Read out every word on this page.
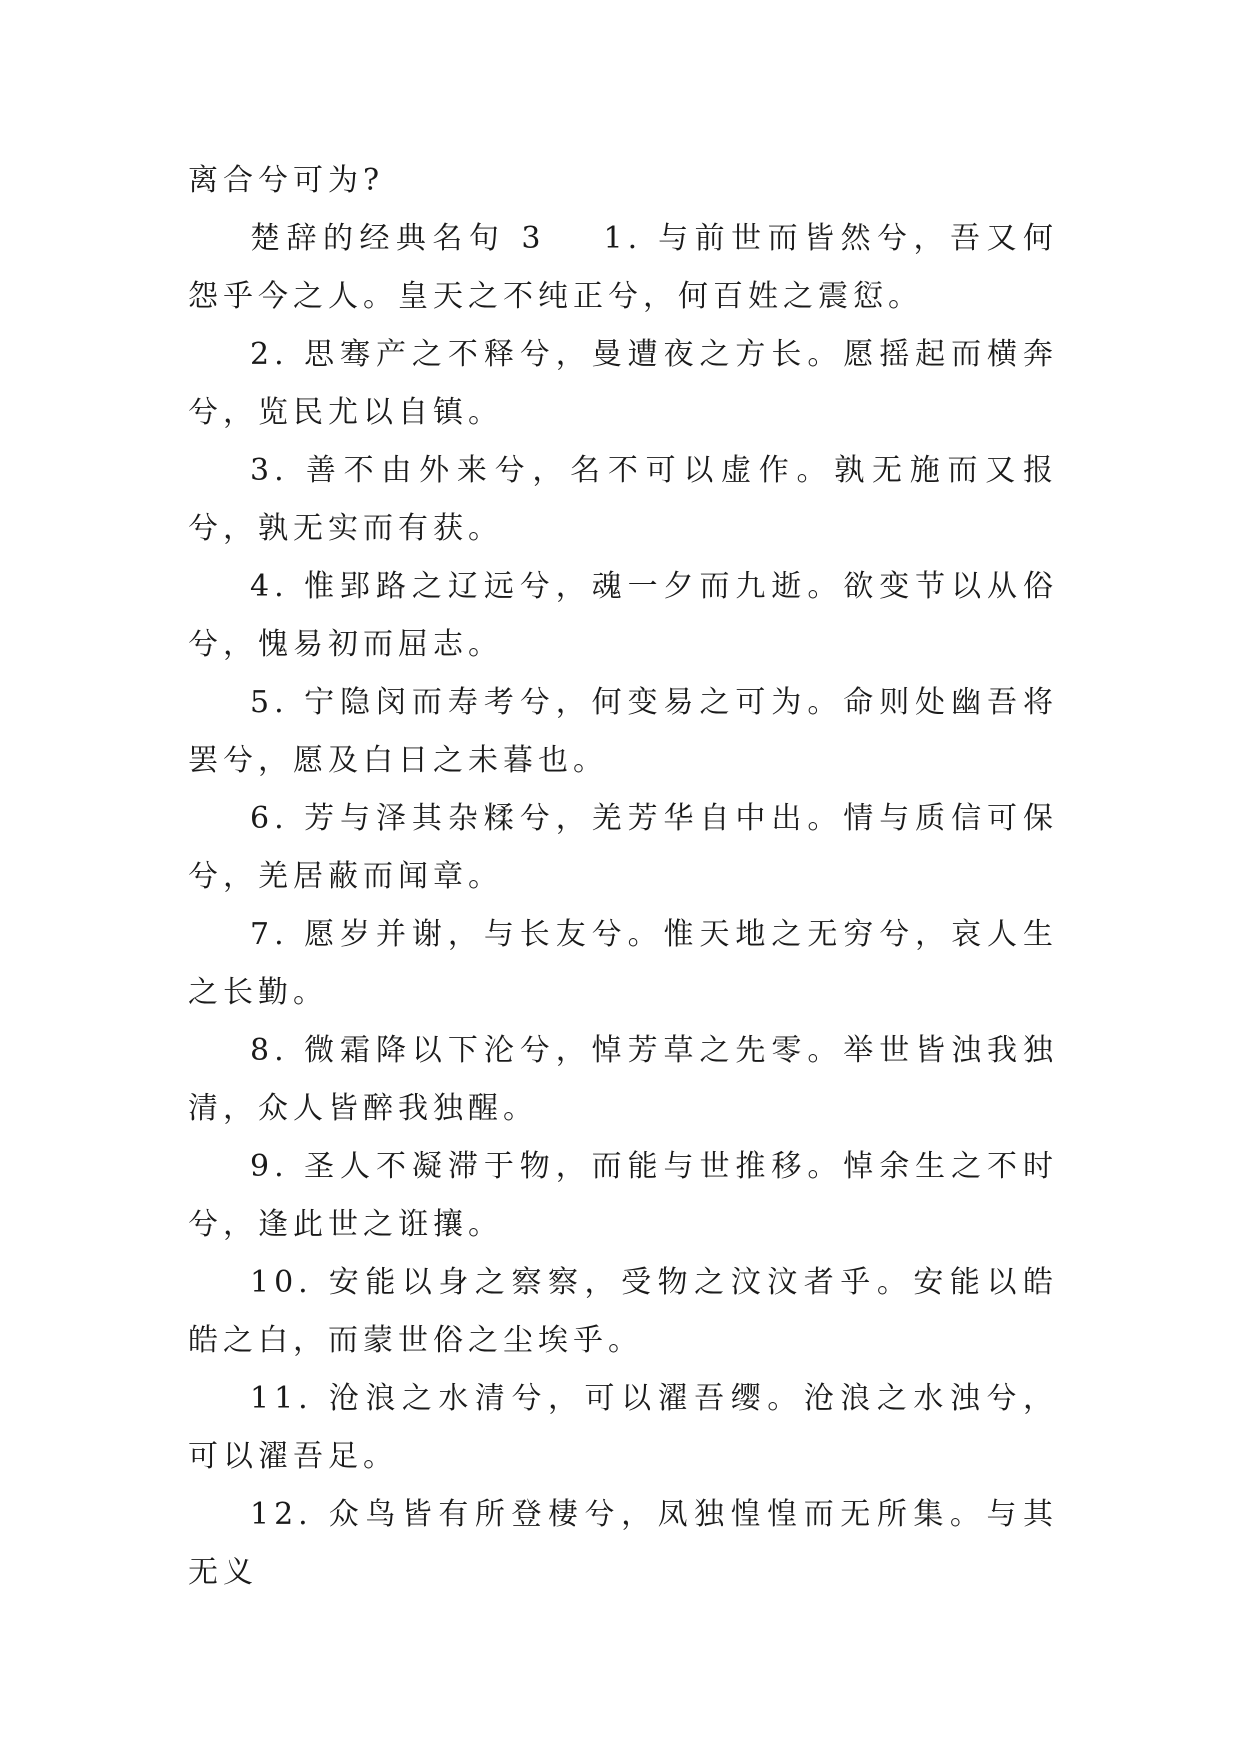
离合兮可为?

楚辞的经典名句 3 1. 与前世而皆然兮，吾又何怨乎今之人。皇天之不纯正兮，何百姓之震愆。

2. 思骞产之不释兮，曼遭夜之方长。愿摇起而横奔兮，览民尤以自镇。

3. 善不由外来兮，名不可以虚作。孰无施而又报兮，孰无实而有获。

4. 惟郢路之辽远兮，魂一夕而九逝。欲变节以从俗兮，愧易初而屈志。

5. 宁隐闵而寿考兮，何变易之可为。命则处幽吾将罢兮，愿及白日之未暮也。

6. 芳与泽其杂糅兮，羌芳华自中出。情与质信可保兮，羌居蔽而闻章。

7. 愿岁并谢，与长友兮。惟天地之无穷兮，哀人生之长勤。

8. 微霜降以下沦兮，悼芳草之先零。举世皆浊我独清，众人皆醉我独醒。

9. 圣人不凝滞于物，而能与世推移。悼余生之不时兮，逢此世之诳攘。

10. 安能以身之察察，受物之汶汶者乎。安能以皓皓之白，而蒙世俗之尘埃乎。

11. 沧浪之水清兮，可以濯吾缨。沧浪之水浊兮，可以濯吾足。

12. 众鸟皆有所登棲兮，凤独惶惶而无所集。与其无义
